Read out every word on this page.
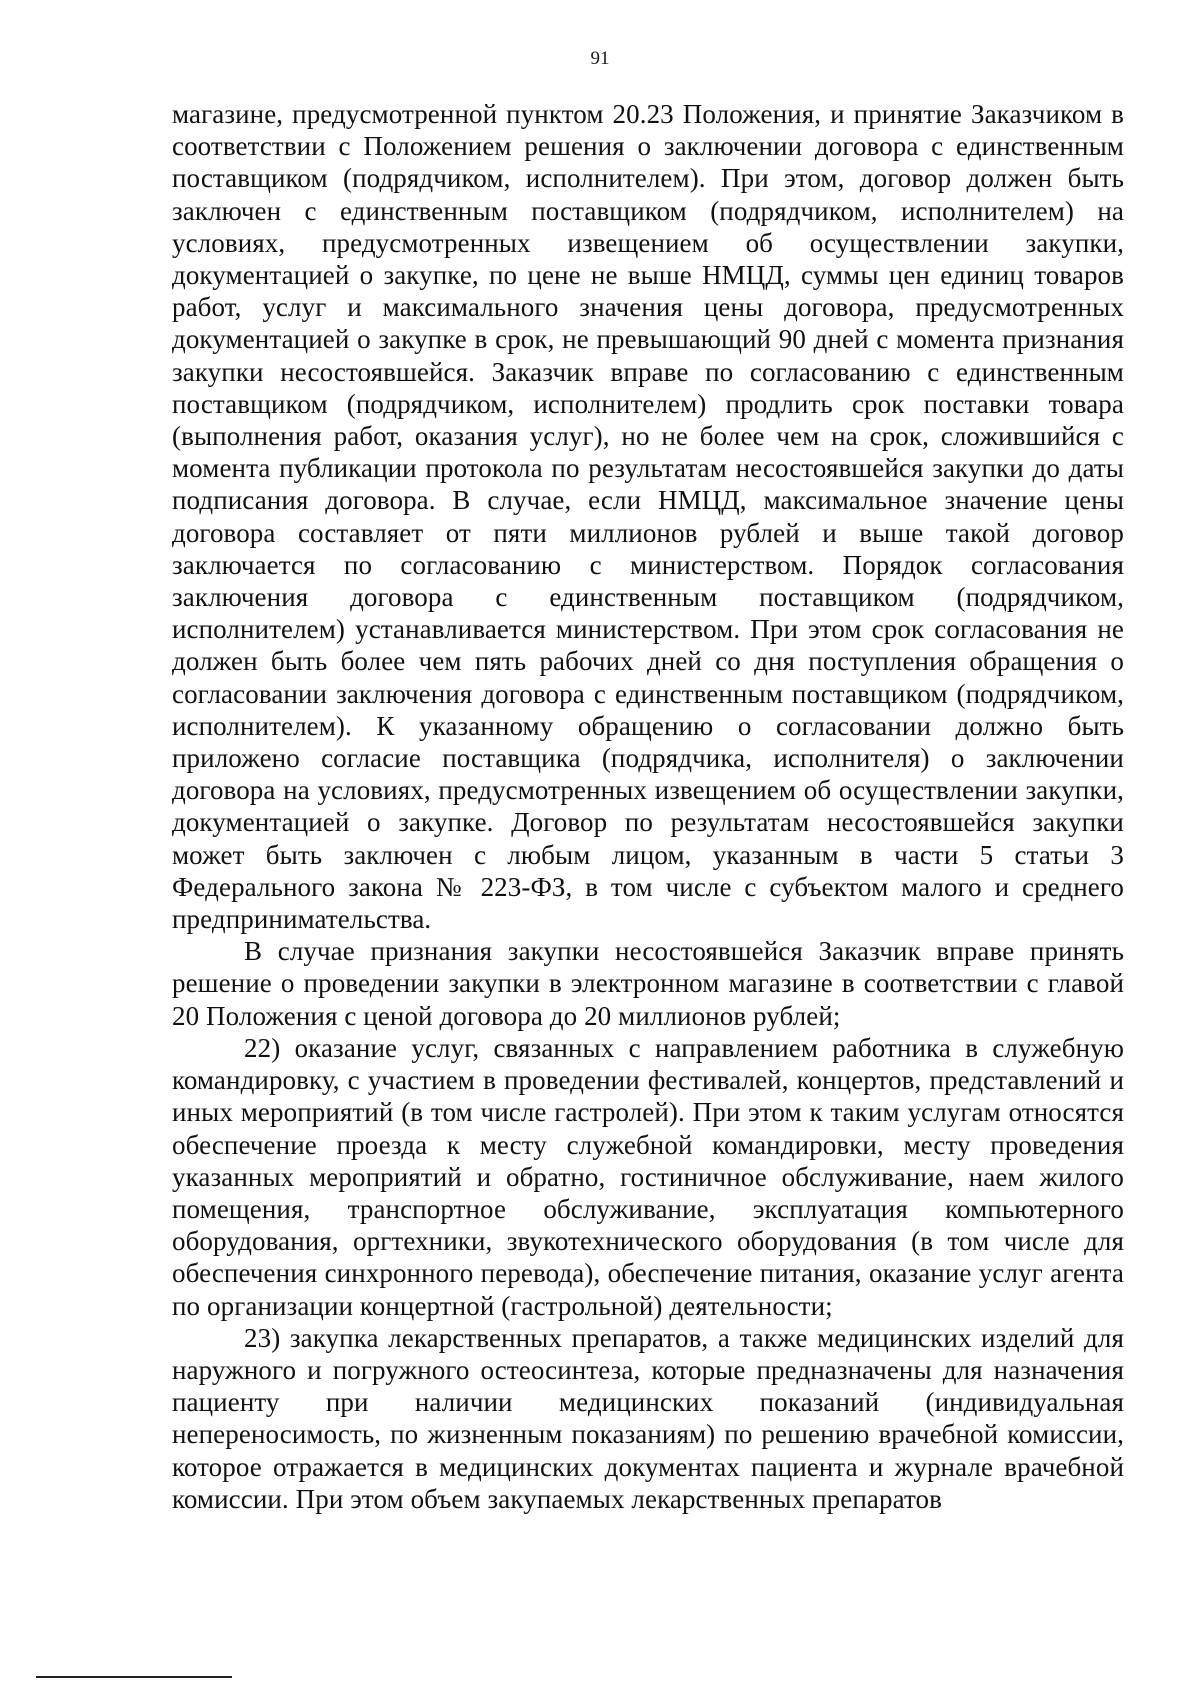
91

магазине, предусмотренной пунктом 20.23 Положения, и принятие Заказчиком в соответствии с Положением решения о заключении договора с единственным поставщиком (подрядчиком, исполнителем). При этом, договор должен быть заключен с единственным поставщиком (подрядчиком, исполнителем) на условиях, предусмотренных извещением об осуществлении закупки, документацией о закупке, по цене не выше НМЦД, суммы цен единиц товаров работ, услуг и максимального значения цены договора, предусмотренных документацией о закупке в срок, не превышающий 90 дней с момента признания закупки несостоявшейся. Заказчик вправе по согласованию с единственным поставщиком (подрядчиком, исполнителем) продлить срок поставки товара (выполнения работ, оказания услуг), но не более чем на срок, сложившийся с момента публикации протокола по результатам несостоявшейся закупки до даты подписания договора. В случае, если НМЦД, максимальное значение цены договора составляет от пяти миллионов рублей и выше такой договор заключается по согласованию с министерством. Порядок согласования заключения договора с единственным поставщиком (подрядчиком, исполнителем) устанавливается министерством. При этом срок согласования не должен быть более чем пять рабочих дней со дня поступления обращения о согласовании заключения договора с единственным поставщиком (подрядчиком, исполнителем). К указанному обращению о согласовании должно быть приложено согласие поставщика (подрядчика, исполнителя) о заключении договора на условиях, предусмотренных извещением об осуществлении закупки, документацией о закупке. Договор по результатам несостоявшейся закупки может быть заключен с любым лицом, указанным в части 5 статьи 3 Федерального закона № 223-ФЗ, в том числе с субъектом малого и среднего предпринимательства.

В случае признания закупки несостоявшейся Заказчик вправе принять решение о проведении закупки в электронном магазине в соответствии с главой 20 Положения с ценой договора до 20 миллионов рублей;

22) оказание услуг, связанных с направлением работника в служебную командировку, с участием в проведении фестивалей, концертов, представлений и иных мероприятий (в том числе гастролей). При этом к таким услугам относятся обеспечение проезда к месту служебной командировки, месту проведения указанных мероприятий и обратно, гостиничное обслуживание, наем жилого помещения, транспортное обслуживание, эксплуатация компьютерного оборудования, оргтехники, звукотехнического оборудования (в том числе для обеспечения синхронного перевода), обеспечение питания, оказание услуг агента по организации концертной (гастрольной) деятельности;

23) закупка лекарственных препаратов, а также медицинских изделий для наружного и погружного остеосинтеза, которые предназначены для назначения пациенту при наличии медицинских показаний (индивидуальная непереносимость, по жизненным показаниям) по решению врачебной комиссии, которое отражается в медицинских документах пациента и журнале врачебной комиссии. При этом объем закупаемых лекарственных препаратов
